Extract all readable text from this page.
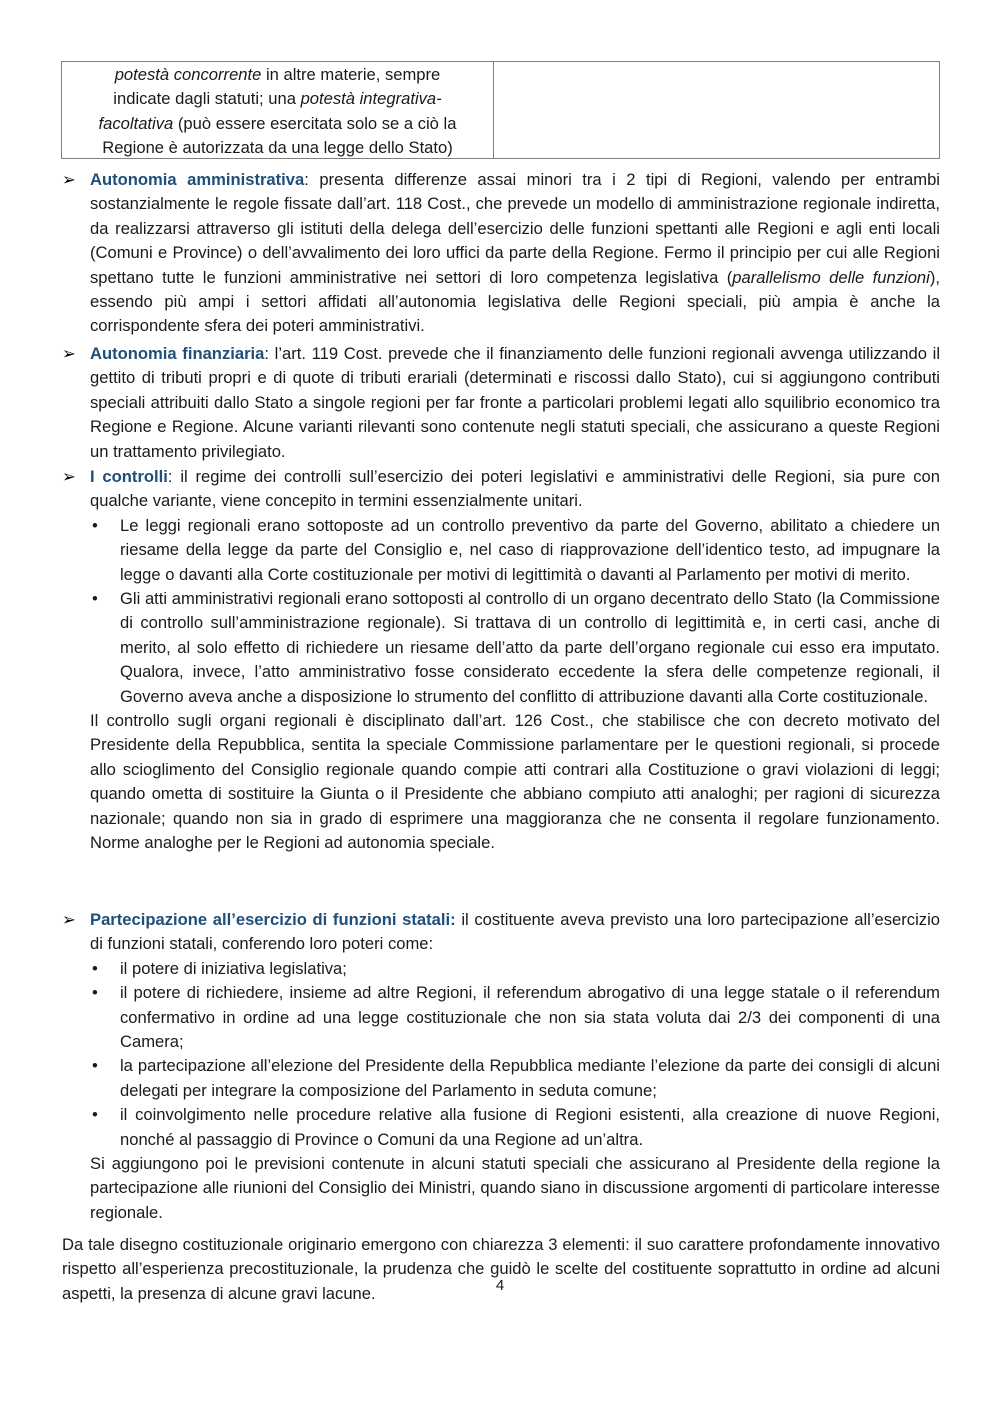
potestà concorrente in altre materie, sempre
indicate dagli statuti; una potestà integrativa-
facoltativa (può essere esercitata solo se a ciò la
Regione è autorizzata da una legge dello Stato)
➢ Autonomia amministrativa: presenta differenze assai minori tra i 2 tipi di Regioni, valendo per entrambi sostanzialmente le regole fissate dall’art. 118 Cost., che prevede un modello di amministrazione regionale indiretta, da realizzarsi attraverso gli istituti della delega dell’esercizio delle funzioni spettanti alle Regioni e agli enti locali (Comuni e Province) o dell’avvalimento dei loro uffici da parte della Regione. Fermo il principio per cui alle Regioni spettano tutte le funzioni amministrative nei settori di loro competenza legislativa (parallelismo delle funzioni), essendo più ampi i settori affidati all’autonomia legislativa delle Regioni speciali, più ampia è anche la corrispondente sfera dei poteri amministrativi.
➢ Autonomia finanziaria: l’art. 119 Cost. prevede che il finanziamento delle funzioni regionali avvenga utilizzando il gettito di tributi propri e di quote di tributi erariali (determinati e riscossi dallo Stato), cui si aggiungono contributi speciali attribuiti dallo Stato a singole regioni per far fronte a particolari problemi legati allo squilibrio economico tra Regione e Regione. Alcune varianti rilevanti sono contenute negli statuti speciali, che assicurano a queste Regioni un trattamento privilegiato.
➢ I controlli: il regime dei controlli sull’esercizio dei poteri legislativi e amministrativi delle Regioni, sia pure con qualche variante, viene concepito in termini essenzialmente unitari.
• Le leggi regionali erano sottoposte ad un controllo preventivo da parte del Governo, abilitato a chiedere un riesame della legge da parte del Consiglio e, nel caso di riapprovazione dell’identico testo, ad impugnare la legge o davanti alla Corte costituzionale per motivi di legittimità o davanti al Parlamento per motivi di merito.
• Gli atti amministrativi regionali erano sottoposti al controllo di un organo decentrato dello Stato (la Commissione di controllo sull’amministrazione regionale). Si trattava di un controllo di legittimità e, in certi casi, anche di merito, al solo effetto di richiedere un riesame dell’atto da parte dell’organo regionale cui esso era imputato. Qualora, invece, l’atto amministrativo fosse considerato eccedente la sfera delle competenze regionali, il Governo aveva anche a disposizione lo strumento del conflitto di attribuzione davanti alla Corte costituzionale.
Il controllo sugli organi regionali è disciplinato dall’art. 126 Cost., che stabilisce che con decreto motivato del Presidente della Repubblica, sentita la speciale Commissione parlamentare per le questioni regionali, si procede allo scioglimento del Consiglio regionale quando compie atti contrari alla Costituzione o gravi violazioni di leggi; quando ometta di sostituire la Giunta o il Presidente che abbiano compiuto atti analoghi; per ragioni di sicurezza nazionale; quando non sia in grado di esprimere una maggioranza che ne consenta il regolare funzionamento. Norme analoghe per le Regioni ad autonomia speciale.
➢ Partecipazione all’esercizio di funzioni statali: il costituente aveva previsto una loro partecipazione all’esercizio di funzioni statali, conferendo loro poteri come:
• il potere di iniziativa legislativa;
• il potere di richiedere, insieme ad altre Regioni, il referendum abrogativo di una legge statale o il referendum confermativo in ordine ad una legge costituzionale che non sia stata voluta dai 2/3 dei componenti di una Camera;
• la partecipazione all’elezione del Presidente della Repubblica mediante l’elezione da parte dei consigli di alcuni delegati per integrare la composizione del Parlamento in seduta comune;
• il coinvolgimento nelle procedure relative alla fusione di Regioni esistenti, alla creazione di nuove Regioni, nonché al passaggio di Province o Comuni da una Regione ad un’altra.
Si aggiungono poi le previsioni contenute in alcuni statuti speciali che assicurano al Presidente della regione la partecipazione alle riunioni del Consiglio dei Ministri, quando siano in discussione argomenti di particolare interesse regionale.
Da tale disegno costituzionale originario emergono con chiarezza 3 elementi: il suo carattere profondamente innovativo rispetto all’esperienza precostituzionale, la prudenza che guidò le scelte del costituente soprattutto in ordine ad alcuni aspetti, la presenza di alcune gravi lacune.	4
